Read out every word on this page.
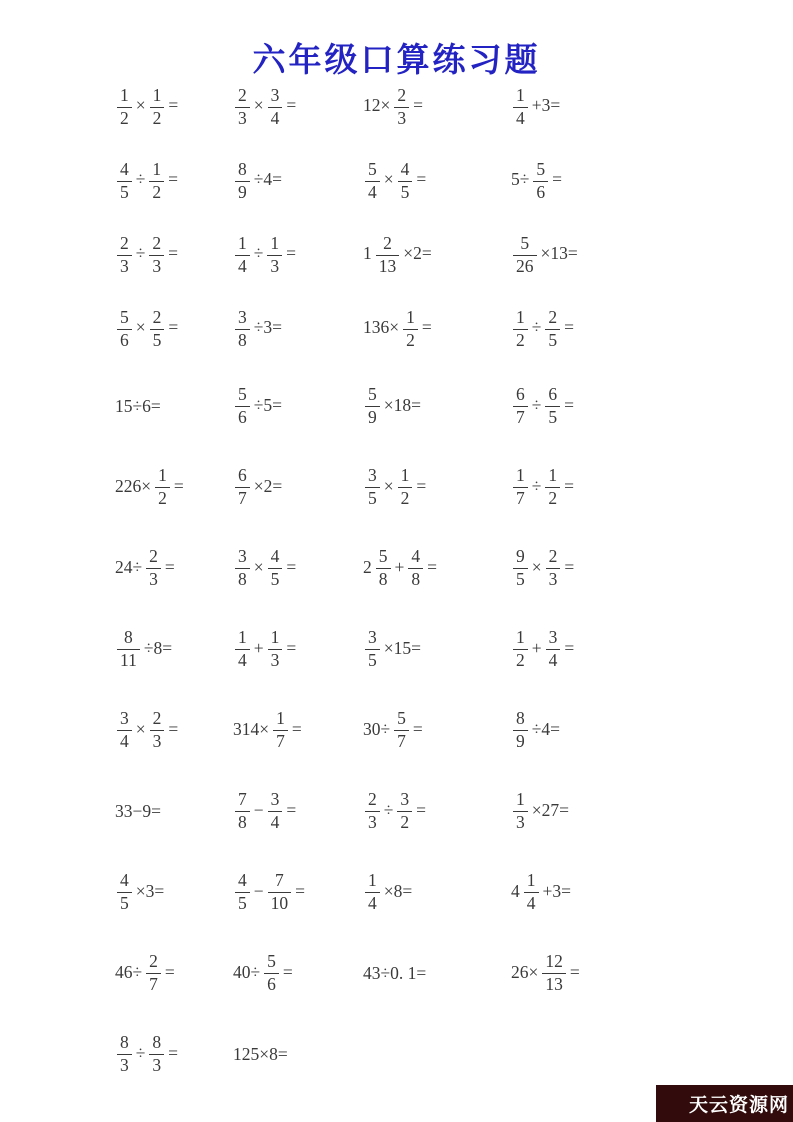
六年级口算练习题
$\frac{1}{2} \times \frac{1}{2}$ =	$\frac{2}{3} \times \frac{3}{4}$ =	$12\times \frac{2}{3}$ =	$\frac{1}{4} +3=$
$\frac{4}{5} \div \frac{1}{2}$ =	$\frac{8}{9} \div 4=$	$\frac{5}{4} \times \frac{4}{5}$ =	$5\div \frac{5}{6}$ =
$\frac{2}{3} \div \frac{2}{3}$ =	$\frac{1}{4} \div \frac{1}{3}$ =	$1 \frac{2}{13} \times 2=$	$\frac{5}{26} \times 13=$
$\frac{5}{6} \times \frac{2}{5}$ =	$\frac{3}{8} \div 3=$	$136\times \frac{1}{2}$ =	$\frac{1}{2} \div \frac{2}{5}$ =
15÷6=	$\frac{5}{6} \div 5=$	$\frac{5}{9} \times 18=$	$\frac{6}{7} \div \frac{6}{5}$ =
$226\times \frac{1}{2}$ =	$\frac{6}{7} \times 2=$	$\frac{3}{5} \times \frac{1}{2}$ =	$\frac{1}{7} \div \frac{1}{2}$ =
$24\div \frac{2}{3}$ =	$\frac{3}{8} \times \frac{4}{5}$ =	$2 \frac{5}{8} + \frac{4}{8}$ =	$\frac{9}{5} \times \frac{2}{3}$ =
$\frac{8}{11} \div 8=$	$\frac{1}{4} + \frac{1}{3}$ =	$\frac{3}{5} \times 15=$	$\frac{1}{2} + \frac{3}{4}$ =
$\frac{3}{4} \times \frac{2}{3}$ =	$314\times \frac{1}{7}$ =	$30\div \frac{5}{7}$ =	$\frac{8}{9} \div 4=$
33−9=	$\frac{7}{8} - \frac{3}{4}$ =	$\frac{2}{3} \div \frac{3}{2}$ =	$\frac{1}{3} \times 27=$
$\frac{4}{5} \times 3=$	$\frac{4}{5} - \frac{7}{10}$ =	$\frac{1}{4} \times 8=$	$4 \frac{1}{4} +3=$
$46\div \frac{2}{7}$ =	$40\div \frac{5}{6}$ =	43÷0. 1=	$26\times \frac{12}{13}$ =
$\frac{8}{3} \div \frac{8}{3}$ =	125×8=
天云资源网
